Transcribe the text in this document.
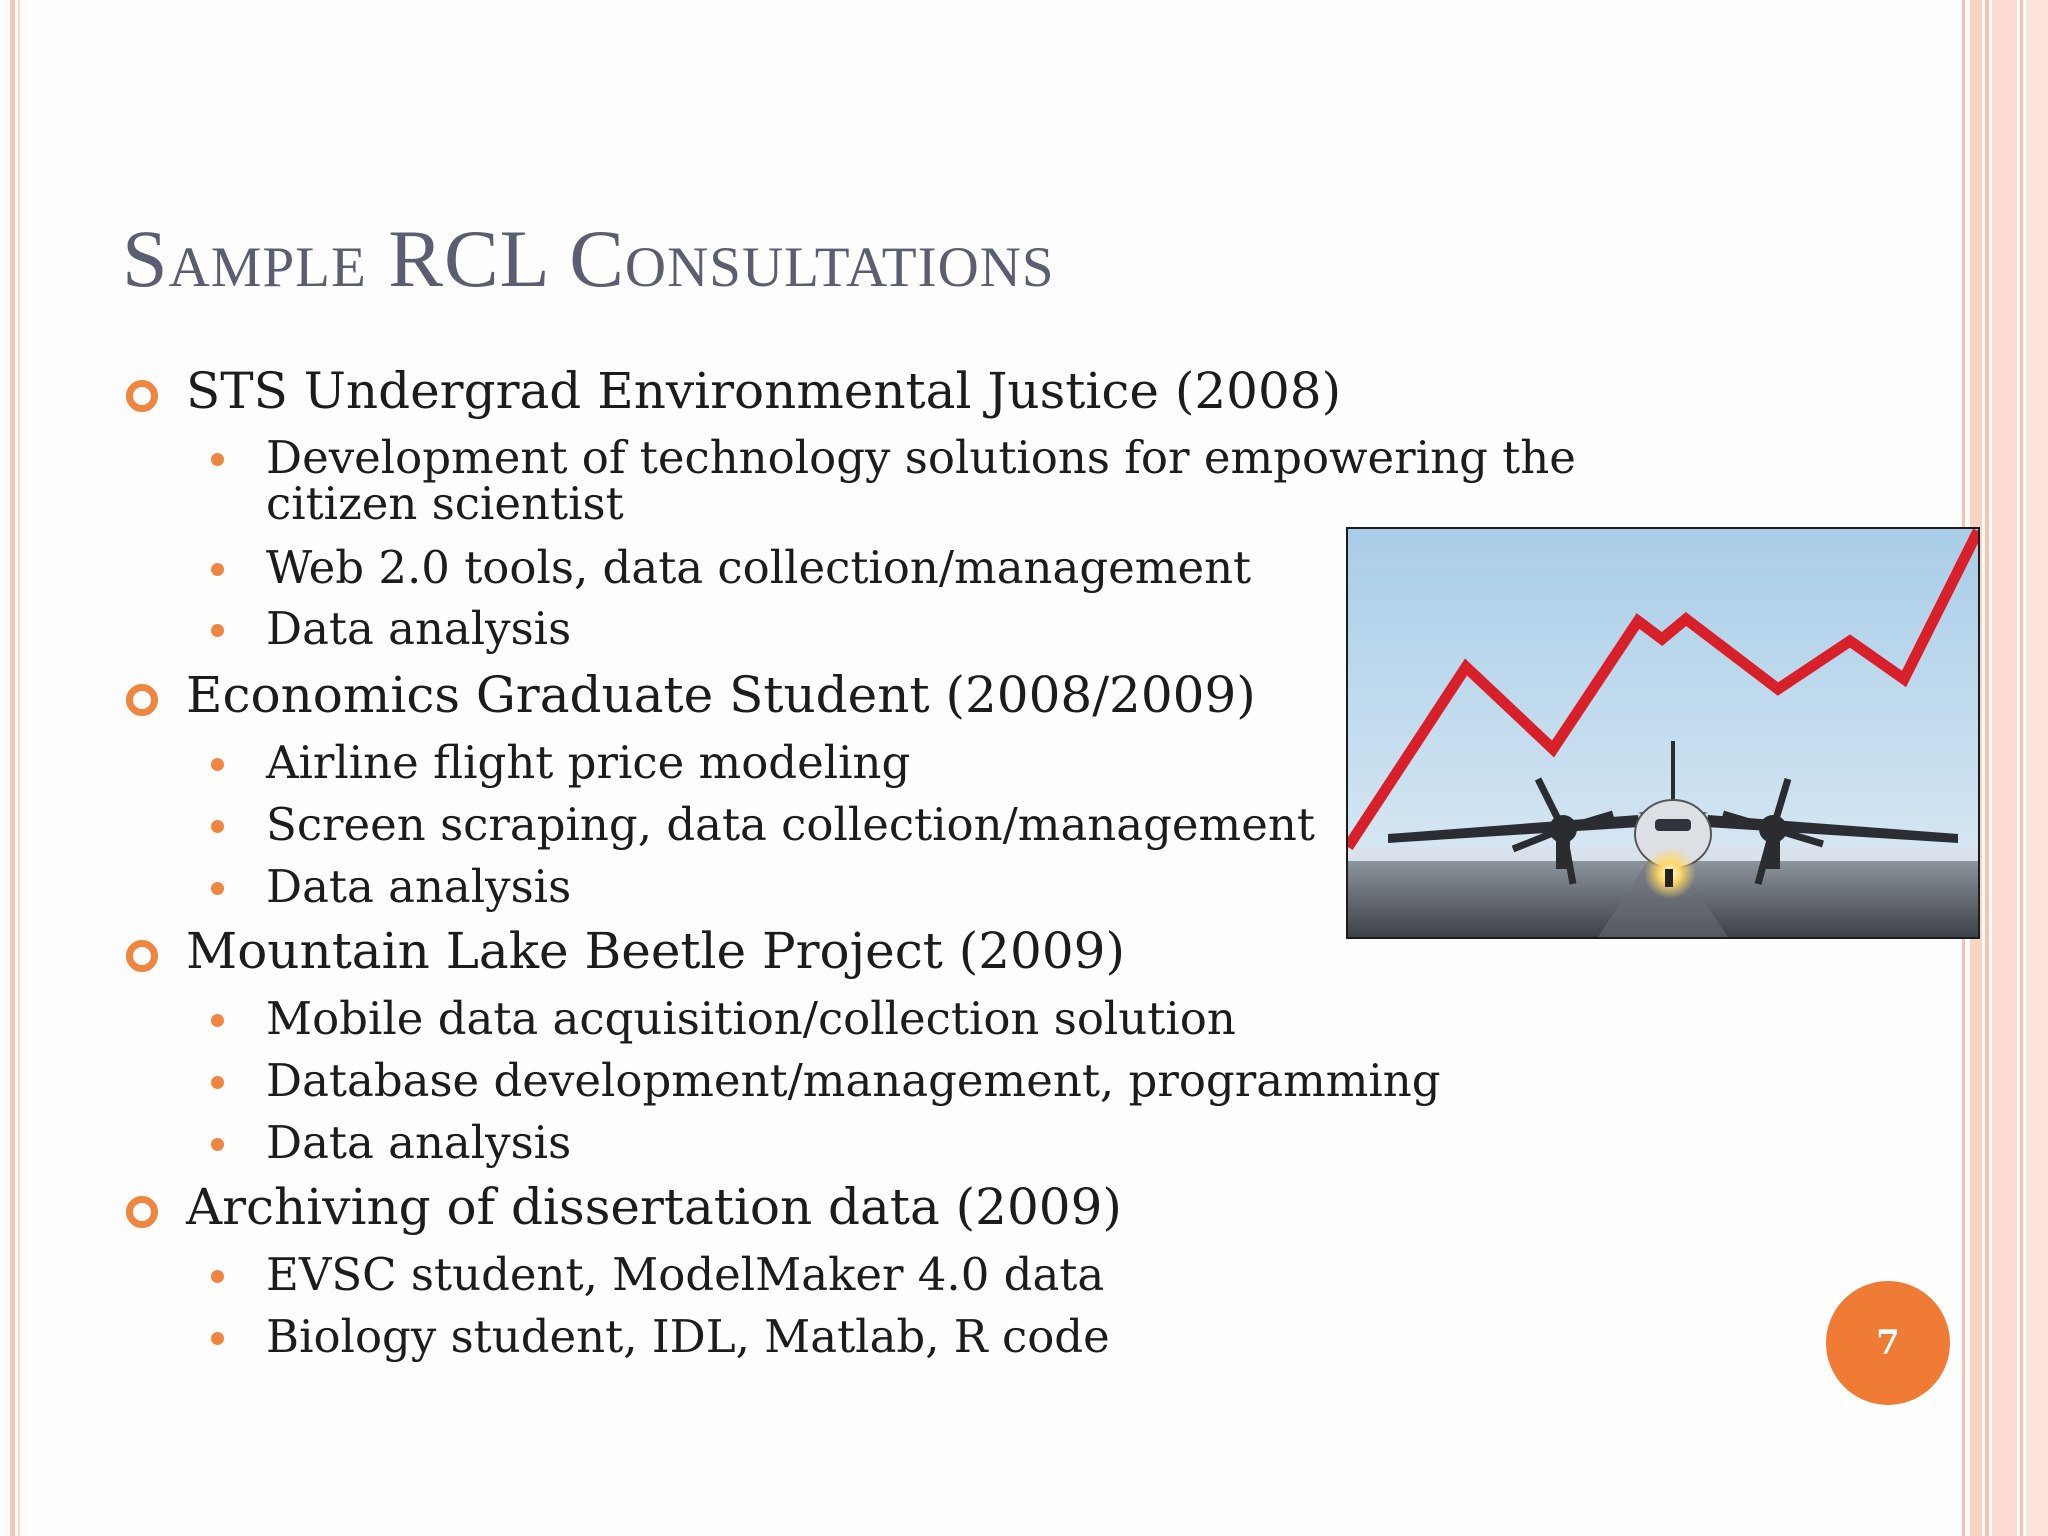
Sample RCL Consultations
STS Undergrad Environmental Justice (2008)
Development of technology solutions for empowering the
citizen scientist
Web 2.0 tools, data collection/management
Data analysis
Economics Graduate Student (2008/2009)
Airline flight price modeling
Screen scraping, data collection/management
Data analysis
Mountain Lake Beetle Project (2009)
Mobile data acquisition/collection solution
Database development/management, programming
Data analysis
Archiving of dissertation data (2009)
EVSC student, ModelMaker 4.0 data
Biology student, IDL, Matlab, R code	7
